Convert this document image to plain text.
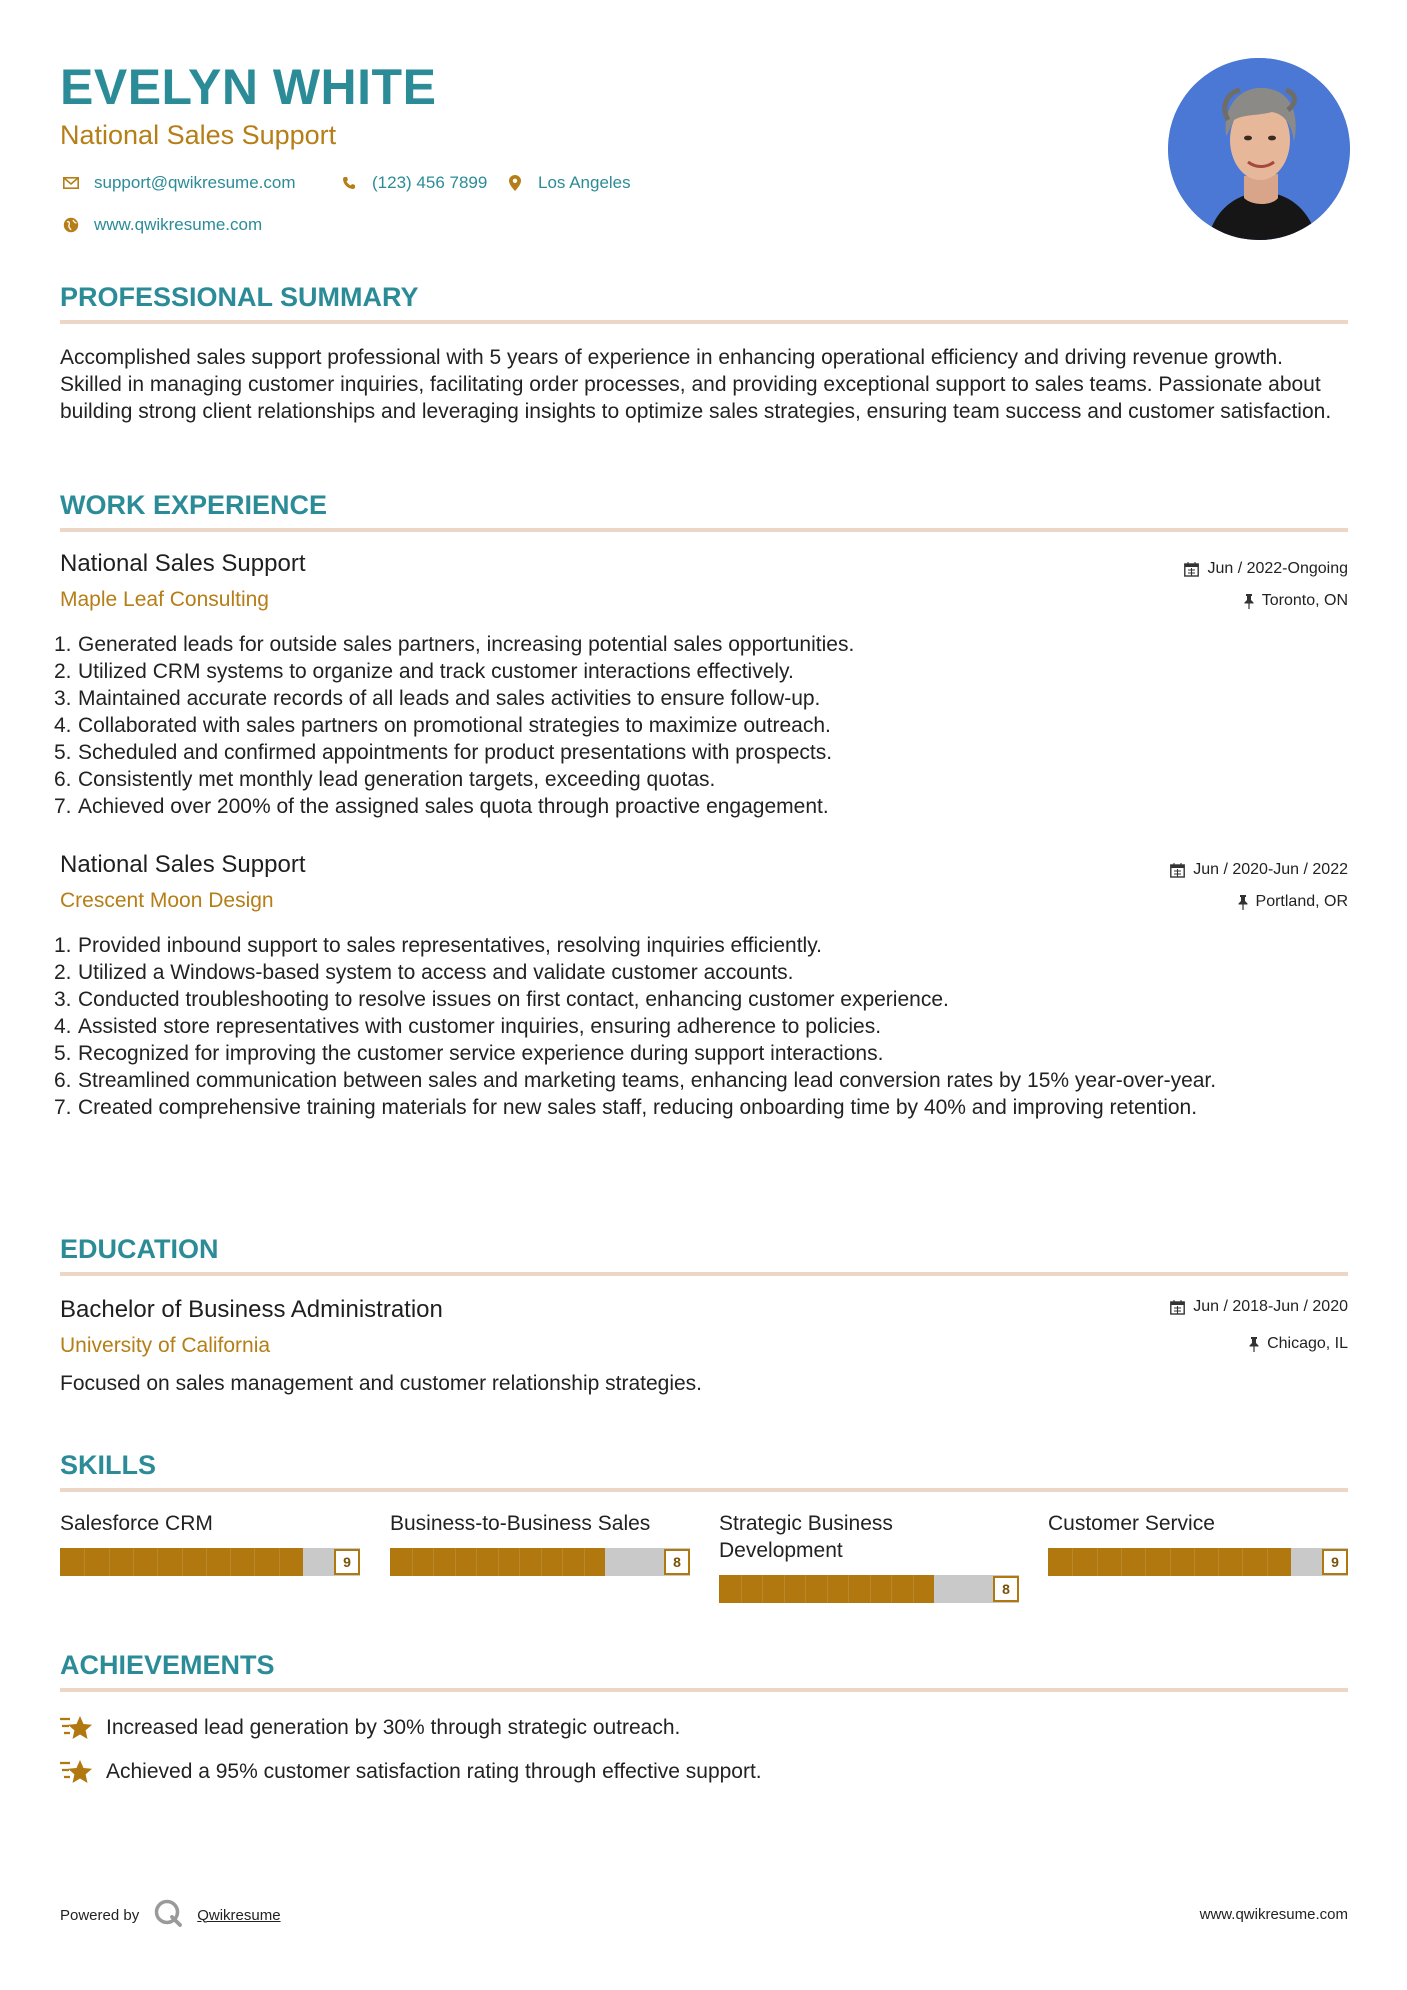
EVELYN WHITE
National Sales Support
support@qwikresume.com	(123) 456 7899	Los Angeles
www.qwikresume.com
PROFESSIONAL SUMMARY
Accomplished sales support professional with 5 years of experience in enhancing operational efficiency and driving revenue growth. Skilled in managing customer inquiries, facilitating order processes, and providing exceptional support to sales teams. Passionate about building strong client relationships and leveraging insights to optimize sales strategies, ensuring team success and customer satisfaction.
WORK EXPERIENCE
National Sales Support
Maple Leaf Consulting
Jun / 2022-Ongoing
Toronto, ON
1. Generated leads for outside sales partners, increasing potential sales opportunities.
2. Utilized CRM systems to organize and track customer interactions effectively.
3. Maintained accurate records of all leads and sales activities to ensure follow-up.
4. Collaborated with sales partners on promotional strategies to maximize outreach.
5. Scheduled and confirmed appointments for product presentations with prospects.
6. Consistently met monthly lead generation targets, exceeding quotas.
7. Achieved over 200% of the assigned sales quota through proactive engagement.
National Sales Support
Crescent Moon Design
Jun / 2020-Jun / 2022
Portland, OR
1. Provided inbound support to sales representatives, resolving inquiries efficiently.
2. Utilized a Windows-based system to access and validate customer accounts.
3. Conducted troubleshooting to resolve issues on first contact, enhancing customer experience.
4. Assisted store representatives with customer inquiries, ensuring adherence to policies.
5. Recognized for improving the customer service experience during support interactions.
6. Streamlined communication between sales and marketing teams, enhancing lead conversion rates by 15% year-over-year.
7. Created comprehensive training materials for new sales staff, reducing onboarding time by 40% and improving retention.
EDUCATION
Bachelor of Business Administration
University of California
Jun / 2018-Jun / 2020
Chicago, IL
Focused on sales management and customer relationship strategies.
SKILLS
Salesforce CRM
9
Business-to-Business Sales
8
Strategic Business Development
8
Customer Service
9
ACHIEVEMENTS
Increased lead generation by 30% through strategic outreach.
Achieved a 95% customer satisfaction rating through effective support.
Powered by	Qwikresume	www.qwikresume.com
